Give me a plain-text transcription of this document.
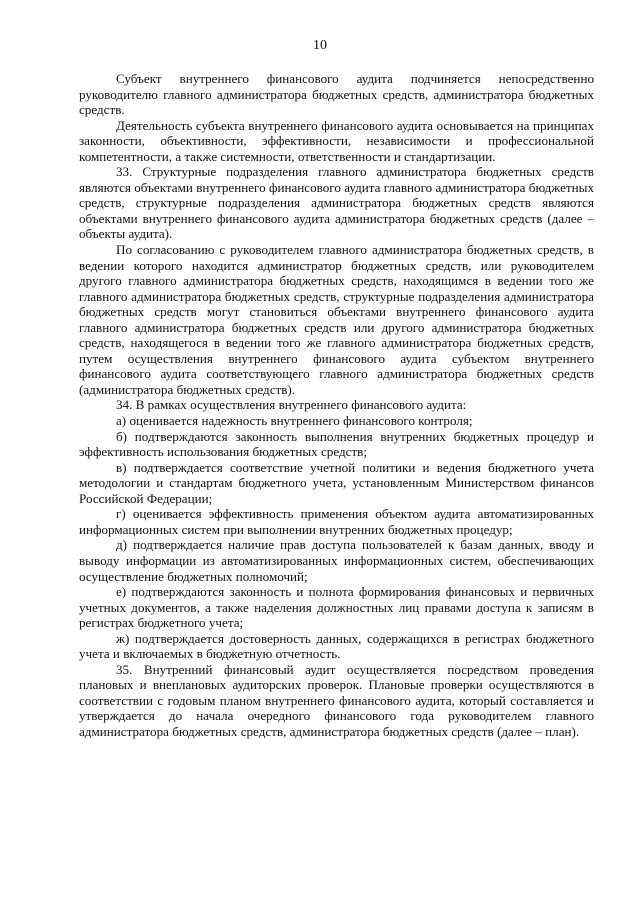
10

Субъект внутреннего финансового аудита подчиняется непосредственно руководителю главного администратора бюджетных средств, администратора бюджетных средств.

Деятельность субъекта внутреннего финансового аудита основывается на принципах законности, объективности, эффективности, независимости и профессиональной компетентности, а также системности, ответственности и стандартизации.

33. Структурные подразделения главного администратора бюджетных средств являются объектами внутреннего финансового аудита главного администратора бюджетных средств, структурные подразделения администратора бюджетных средств являются объектами внутреннего финансового аудита администратора бюджетных средств (далее – объекты аудита).

По согласованию с руководителем главного администратора бюджетных средств, в ведении которого находится администратор бюджетных средств, или руководителем другого главного администратора бюджетных средств, находящимся в ведении того же главного администратора бюджетных средств, структурные подразделения администратора бюджетных средств могут становиться объектами внутреннего финансового аудита главного администратора бюджетных средств или другого администратора бюджетных средств, находящегося в ведении того же главного администратора бюджетных средств, путем осуществления внутреннего финансового аудита субъектом внутреннего финансового аудита соответствующего главного администратора бюджетных средств (администратора бюджетных средств).

34. В рамках осуществления внутреннего финансового аудита:

а) оценивается надежность внутреннего финансового контроля;

б) подтверждаются законность выполнения внутренних бюджетных процедур и эффективность использования бюджетных средств;

в) подтверждается соответствие учетной политики и ведения бюджетного учета методологии и стандартам бюджетного учета, установленным Министерством финансов Российской Федерации;

г) оценивается эффективность применения объектом аудита автоматизированных информационных систем при выполнении внутренних бюджетных процедур;

д) подтверждается наличие прав доступа пользователей к базам данных, вводу и выводу информации из автоматизированных информационных систем, обеспечивающих осуществление бюджетных полномочий;

е) подтверждаются законность и полнота формирования финансовых и первичных учетных документов, а также наделения должностных лиц правами доступа к записям в регистрах бюджетного учета;

ж) подтверждается достоверность данных, содержащихся в регистрах бюджетного учета и включаемых в бюджетную отчетность.

35. Внутренний финансовый аудит осуществляется посредством проведения плановых и внеплановых аудиторских проверок. Плановые проверки осуществляются в соответствии с годовым планом внутреннего финансового аудита, который составляется и утверждается до начала очередного финансового года руководителем главного администратора бюджетных средств, администратора бюджетных средств (далее – план).
